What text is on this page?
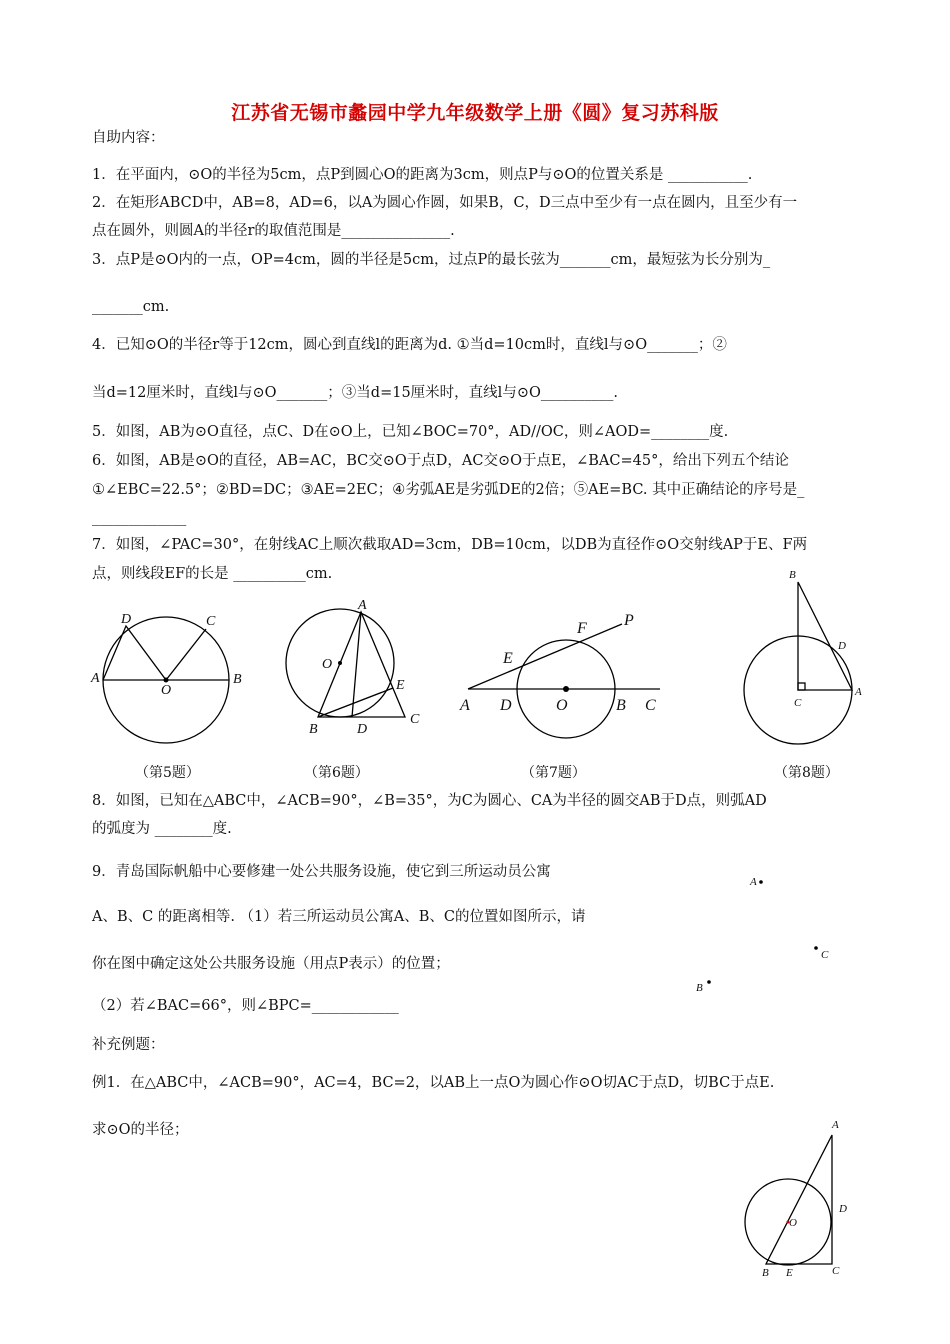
江苏省无锡市蠡园中学九年级数学上册《圆》复习苏科版
自助内容：
1．在平面内，⊙O的半径为5cm，点P到圆心O的距离为3cm，则点P与⊙O的位置关系是 ___________.
2．在矩形ABCD中，AB=8，AD=6，以A为圆心作圆，如果B，C，D三点中至少有一点在圆内，且至少有一
点在圆外，则圆A的半径r的取值范围是_______________.
3．点P是⊙O内的一点，OP=4cm，圆的半径是5cm，过点P的最长弦为_______cm，最短弦为长分别为_
_______cm.
4．已知⊙O的半径r等于12cm，圆心到直线l的距离为d. ①当d=10cm时，直线l与⊙O_______；②
当d=12厘米时，直线l与⊙O_______；③当d=15厘米时，直线l与⊙O__________.
5．如图，AB为⊙O直径，点C、D在⊙O上，已知∠BOC=70°，AD//OC，则∠AOD=________度.
6．如图，AB是⊙O的直径，AB=AC，BC交⊙O于点D，AC交⊙O于点E，∠BAC=45°，给出下列五个结论
①∠EBC=22.5°；②BD=DC；③AE=2EC；④劣弧AE是劣弧DE的2倍；⑤AE=BC. 其中正确结论的序号是_
_____________
7．如图，∠PAC=30°，在射线AC上顺次截取AD=3cm，DB=10cm，以DB为直径作⊙O交射线AP于E、F两
点，则线段EF的长是 __________cm.
D	C
A
O
B
A
O
E
C
B	D
P
F
E
A D	O	B C
B
D
A
C
（第5题）	（第6题）	（第7题）	（第8题）
8．如图，已知在△ABC中，∠ACB=90°，∠B=35°，为C为圆心、CA为半径的圆交AB于D点，则弧AD
的弧度为 ________度.
9．青岛国际帆船中心要修建一处公共服务设施，使它到三所运动员公寓
A、B、C 的距离相等. （1）若三所运动员公寓A、B、C的位置如图所示，请
你在图中确定这处公共服务设施（用点P表示）的位置；
（2）若∠BAC=66°，则∠BPC=____________
A
C
B
补充例题：
例1．在△ABC中，∠ACB=90°，AC=4，BC=2，以AB上一点O为圆心作⊙O切AC于点D，切BC于点E.
求⊙O的半径；	A
D
O
B E	C
